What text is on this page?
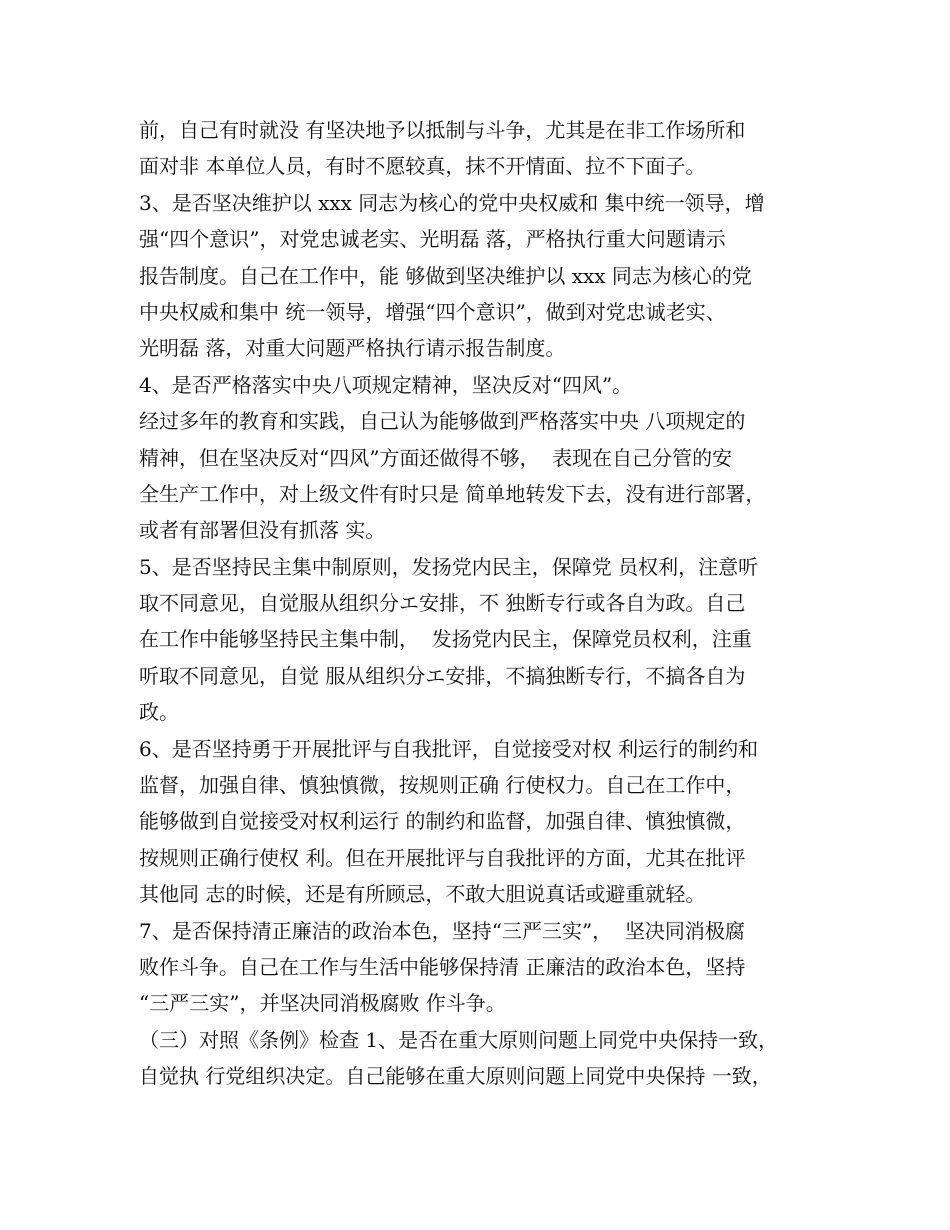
前，自己有时就没 有坚决地予以抵制与斗争，尤其是在非工作场所和
面对非 本单位人员，有时不愿较真，抹不开情面、拉不下面子。
3、是否坚决维护以 xxx 同志为核心的党中央权威和 集中统一领导，增
强“四个意识”，对党忠诚老实、光明磊 落，严格执行重大问题请示
报告制度。自己在工作中，能 够做到坚决维护以 xxx 同志为核心的党
中央权威和集中 统一领导，增强“四个意识”，做到对党忠诚老实、
光明磊 落，对重大问题严格执行请示报告制度。
4、是否严格落实中央八项规定精神，坚决反对“四风”。
经过多年的教育和实践，自己认为能够做到严格落实中央 八项规定的
精神，但在坚决反对“四风”方面还做得不够，  表现在自己分管的安
全生产工作中，对上级文件有时只是 简单地转发下去，没有进行部署，
或者有部署但没有抓落 实。
5、是否坚持民主集中制原则，发扬党内民主，保障党 员权利，注意听
取不同意见，自觉服从组织分エ安排，不 独断专行或各自为政。自己
在工作中能够坚持民主集中制，  发扬党内民主，保障党员权利，注重
听取不同意见，自觉 服从组织分エ安排，不搞独断专行，不搞各自为
政。
6、是否坚持勇于开展批评与自我批评，自觉接受对权 利运行的制约和
监督，加强自律、慎独慎微，按规则正确 行使权力。自己在工作中，
能够做到自觉接受对权利运行 的制约和监督，加强自律、慎独慎微，
按规则正确行使权 利。但在开展批评与自我批评的方面，尤其在批评
其他同 志的时候，还是有所顾忌，不敢大胆说真话或避重就轻。
7、是否保持清正廉洁的政治本色，坚持“三严三实”，  坚决同消极腐
败作斗争。自己在工作与生活中能够保持清 正廉洁的政治本色，坚持
“三严三实”，并坚决同消极腐败 作斗争。
（三）对照《条例》检查 1、是否在重大原则问题上同党中央保持一致，
自觉执 行党组织决定。自己能够在重大原则问题上同党中央保持 一致，
